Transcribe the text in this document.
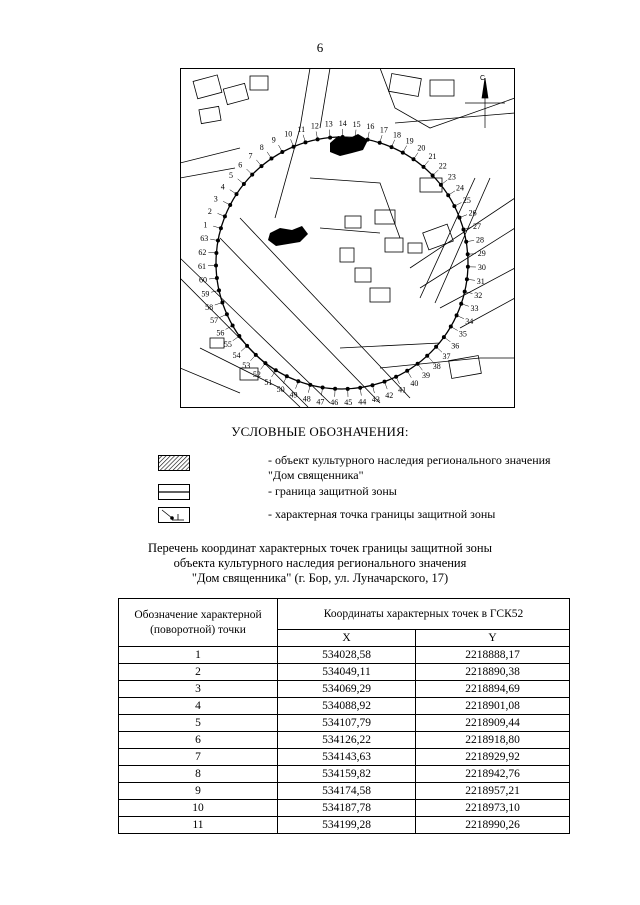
6
С
1
2
3
4
5
6
7
8
9
10
11 12 13 14 15 16 17
18
19
20
21
22
23
24
25
26
27
28
29
30
31
32
33
34
35
36
37
38
39
40
41
42
43
44
45
46
47
48
49
50
51
52
53
54
55
56
57
58
59
60
61
62
63
УСЛОВНЫЕ ОБОЗНАЧЕНИЯ:
- объект культурного наследия регионального значения "Дом священника"
- граница защитной зоны
- характерная точка границы защитной зоны
Перечень координат характерных точек границы защитной зоны
объекта культурного наследия регионального значения
"Дом священника" (г. Бор, ул. Луначарского, 17)
Обозначение характерной (поворотной) точки	Координаты характерных точек в ГСК52	
	X	Y
1	534028,58	2218888,17
2	534049,11	2218890,38
3	534069,29	2218894,69
4	534088,92	2218901,08
5	534107,79	2218909,44
6	534126,22	2218918,80
7	534143,63	2218929,92
8	534159,82	2218942,76
9	534174,58	2218957,21
10	534187,78	2218973,10
11	534199,28	2218990,26
